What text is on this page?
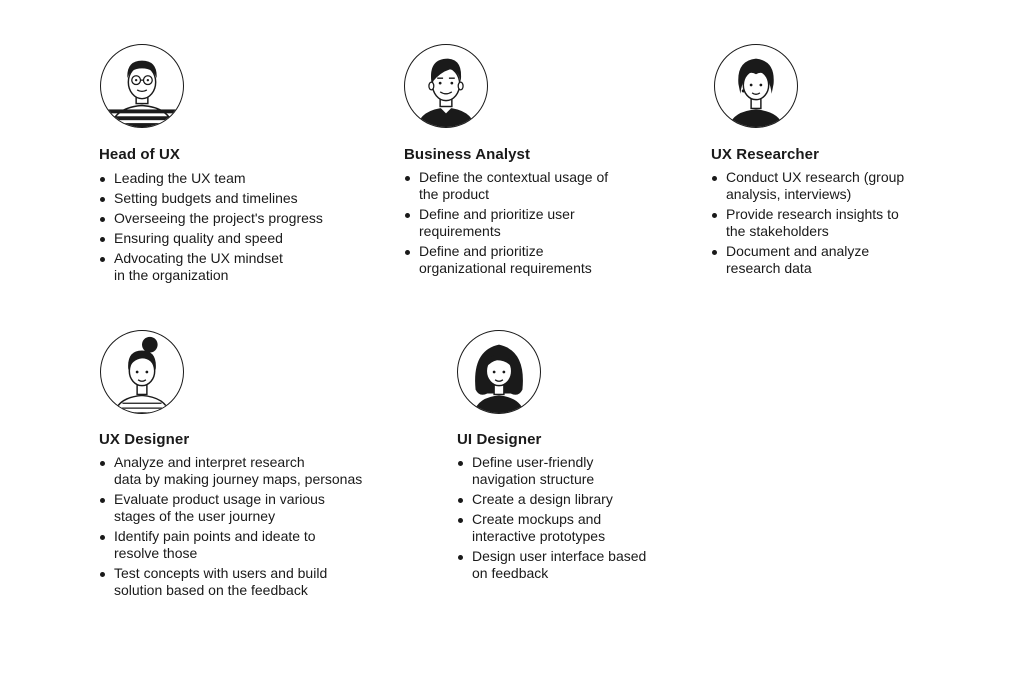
Head of UX
Leading the UX team
Setting budgets and timelines
Overseeing the project's progress
Ensuring quality and speed
Advocating the UX mindset
in the organization
Business Analyst
Define the contextual usage of
the product
Define and prioritize user
requirements
Define and prioritize
organizational requirements
UX Researcher
Conduct UX research (group
analysis, interviews)
Provide research insights to
the stakeholders
Document and analyze
research data
UX Designer
Analyze and interpret research
data by making journey maps, personas
Evaluate product usage in various
stages of the user journey
Identify pain points and ideate to
resolve those
Test concepts with users and build
solution based on the feedback
UI Designer
Define user-friendly
navigation structure
Create a design library
Create mockups and
interactive prototypes
Design user interface based
on feedback
